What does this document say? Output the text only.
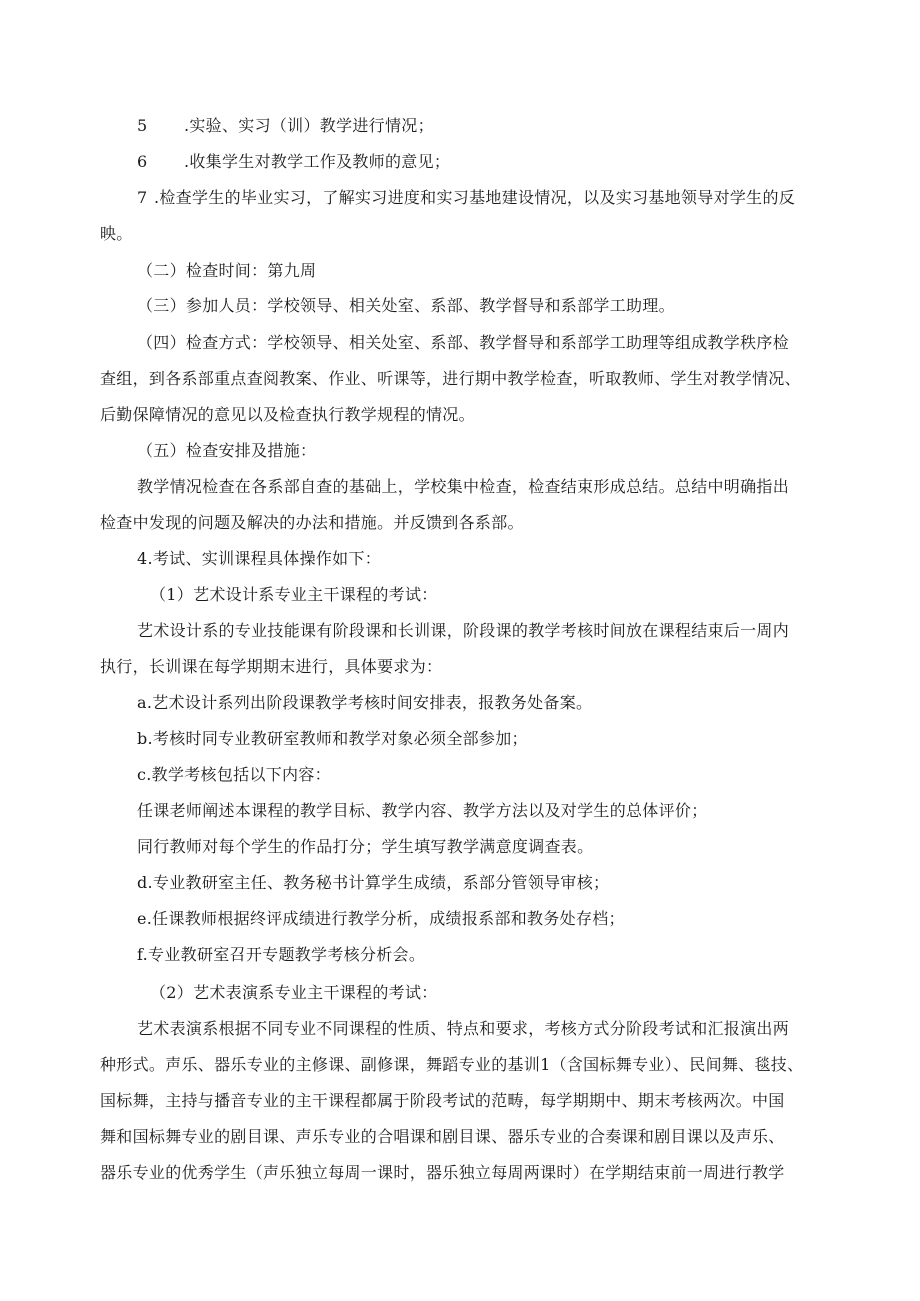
5 .实验、实习（训）教学进行情况；
6 .收集学生对教学工作及教师的意见；
7 .检查学生的毕业实习，了解实习进度和实习基地建设情况，以及实习基地领导对学生的反
映。
（二）检查时间：第九周
（三）参加人员：学校领导、相关处室、系部、教学督导和系部学工助理。
（四）检查方式：学校领导、相关处室、系部、教学督导和系部学工助理等组成教学秩序检
查组，到各系部重点查阅教案、作业、听课等，进行期中教学检查，听取教师、学生对教学情况、
后勤保障情况的意见以及检查执行教学规程的情况。
（五）检查安排及措施：
教学情况检查在各系部自查的基础上，学校集中检查，检查结束形成总结。总结中明确指出
检查中发现的问题及解决的办法和措施。并反馈到各系部。
4.考试、实训课程具体操作如下：
（1）艺术设计系专业主干课程的考试：
艺术设计系的专业技能课有阶段课和长训课，阶段课的教学考核时间放在课程结束后一周内
执行，长训课在每学期期末进行，具体要求为：
a.艺术设计系列出阶段课教学考核时间安排表，报教务处备案。
b.考核时同专业教研室教师和教学对象必须全部参加；
c.教学考核包括以下内容：
任课老师阐述本课程的教学目标、教学内容、教学方法以及对学生的总体评价；
同行教师对每个学生的作品打分；学生填写教学满意度调查表。
d.专业教研室主任、教务秘书计算学生成绩，系部分管领导审核；
e.任课教师根据终评成绩进行教学分析，成绩报系部和教务处存档；
f.专业教研室召开专题教学考核分析会。
（2）艺术表演系专业主干课程的考试：
艺术表演系根据不同专业不同课程的性质、特点和要求，考核方式分阶段考试和汇报演出两
种形式。声乐、器乐专业的主修课、副修课，舞蹈专业的基训1（含国标舞专业）、民间舞、毯技、
国标舞，主持与播音专业的主干课程都属于阶段考试的范畴，每学期期中、期末考核两次。中国
舞和国标舞专业的剧目课、声乐专业的合唱课和剧目课、器乐专业的合奏课和剧目课以及声乐、
器乐专业的优秀学生（声乐独立每周一课时，器乐独立每周两课时）在学期结束前一周进行教学
